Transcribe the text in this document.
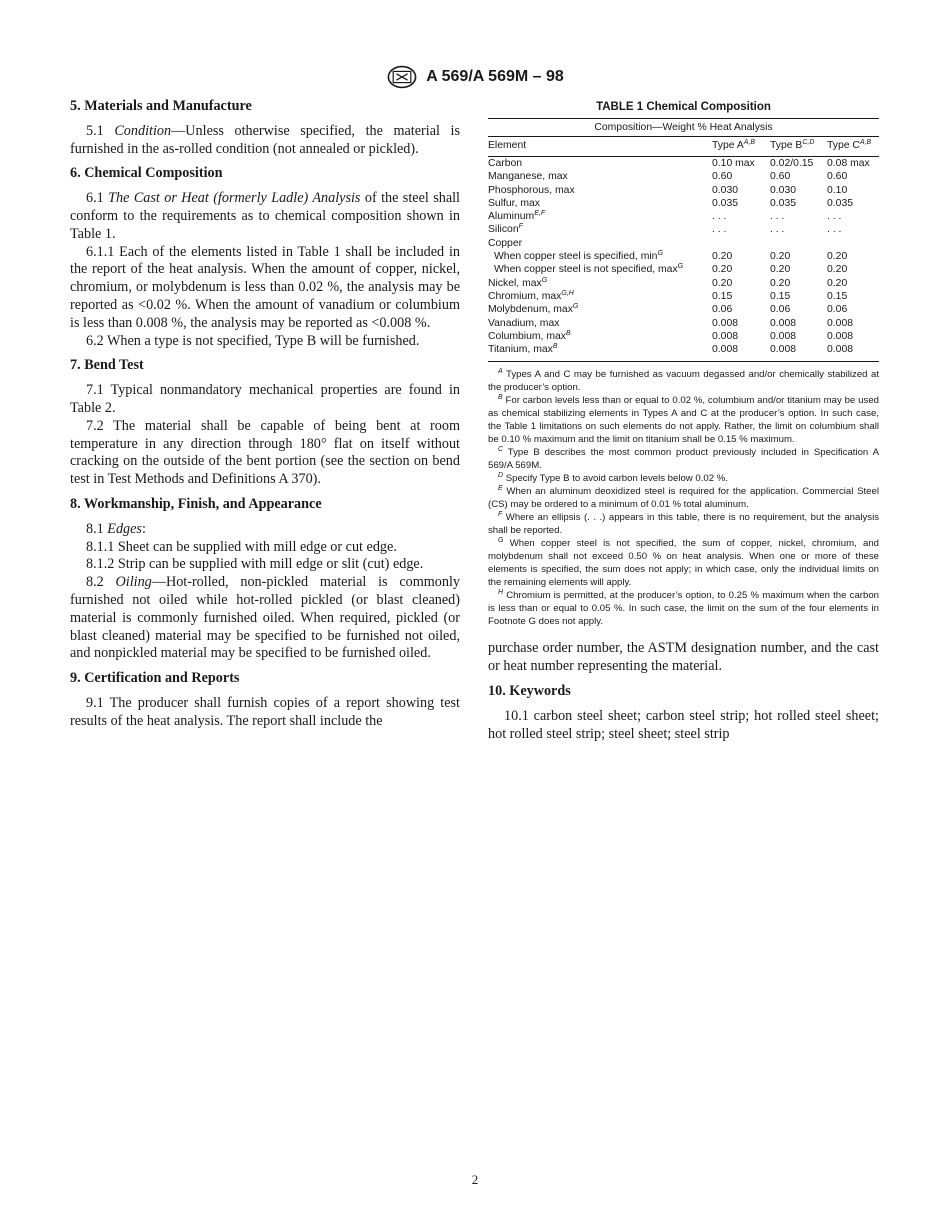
A 569/A 569M – 98
5. Materials and Manufacture

5.1 Condition—Unless otherwise specified, the material is furnished in the as-rolled condition (not annealed or pickled).

6. Chemical Composition

6.1 The Cast or Heat (formerly Ladle) Analysis of the steel shall conform to the requirements as to chemical composition shown in Table 1.

6.1.1 Each of the elements listed in Table 1 shall be included in the report of the heat analysis. When the amount of copper, nickel, chromium, or molybdenum is less than 0.02 %, the analysis may be reported as <0.02 %. When the amount of vanadium or columbium is less than 0.008 %, the analysis may be reported as <0.008 %.

6.2 When a type is not specified, Type B will be furnished.

7. Bend Test

7.1 Typical nonmandatory mechanical properties are found in Table 2.

7.2 The material shall be capable of being bent at room temperature in any direction through 180° flat on itself without cracking on the outside of the bent portion (see the section on bend test in Test Methods and Definitions A 370).

8. Workmanship, Finish, and Appearance

8.1 Edges:

8.1.1 Sheet can be supplied with mill edge or cut edge.

8.1.2 Strip can be supplied with mill edge or slit (cut) edge.

8.2 Oiling—Hot-rolled, non-pickled material is commonly furnished not oiled while hot-rolled pickled (or blast cleaned) material is commonly furnished oiled. When required, pickled (or blast cleaned) material may be specified to be furnished not oiled, and nonpickled material may be specified to be furnished oiled.

9. Certification and Reports

9.1 The producer shall furnish copies of a report showing test results of the heat analysis. The report shall include the

TABLE 1 Chemical Composition
Composition—Weight % Heat Analysis			
Element	Type $A^{A,B}$	Type $B^{C,D}$	Type $C^{A,B}$
Carbon	0.10 max	0.02/0.15	0.08 max
Manganese, max	0.60	0.60	0.60
Phosphorous, max	0.030	0.030	0.10
Sulfur, max	0.035	0.035	0.035
Aluminum$^{E,F}$	. . .	. . .	. . .
Silicon$^F$	. . .	. . .	. . .
Copper			
When copper steel is specified, $\min^G$	0.20	0.20	0.20
When copper steel is not specified, $\max^G$	0.20	0.20	0.20
Nickel, $\max^G$	0.20	0.20	0.20
Chromium, $\max^{G,H}$	0.15	0.15	0.15
Molybdenum, $\max^G$	0.06	0.06	0.06
Vanadium, max	0.008	0.008	0.008
Columbium, $\max^B$	0.008	0.008	0.008
Titanium, $\max^B$	0.008	0.008	0.008

$^A$ Types A and C may be furnished as vacuum degassed and/or chemically stabilized at the producer’s option.

$^B$ For carbon levels less than or equal to 0.02 %, columbium and/or titanium may be used as chemical stabilizing elements in Types A and C at the producer’s option. In such case, the Table 1 limitations on such elements do not apply. Rather, the limit on columbium shall be 0.10 % maximum and the limit on titanium shall be 0.15 % maximum.

$^C$ Type B describes the most common product previously included in Specification A 569/A 569M.

$^D$ Specify Type B to avoid carbon levels below 0.02 %.

$^E$ When an aluminum deoxidized steel is required for the application. Commercial Steel (CS) may be ordered to a minimum of 0.01 % total aluminum.

$^F$ Where an ellipsis (. . .) appears in this table, there is no requirement, but the analysis shall be reported.

$^G$ When copper steel is not specified, the sum of copper, nickel, chromium, and molybdenum shall not exceed 0.50 % on heat analysis. When one or more of these elements is specified, the sum does not apply; in which case, only the individual limits on the remaining elements will apply.

$^H$ Chromium is permitted, at the producer’s option, to 0.25 % maximum when the carbon is less than or equal to 0.05 %. In such case, the limit on the sum of the four elements in Footnote G does not apply.

purchase order number, the ASTM designation number, and the cast or heat number representing the material.

10. Keywords

10.1 carbon steel sheet; carbon steel strip; hot rolled steel sheet; hot rolled steel strip; steel sheet; steel strip

2
